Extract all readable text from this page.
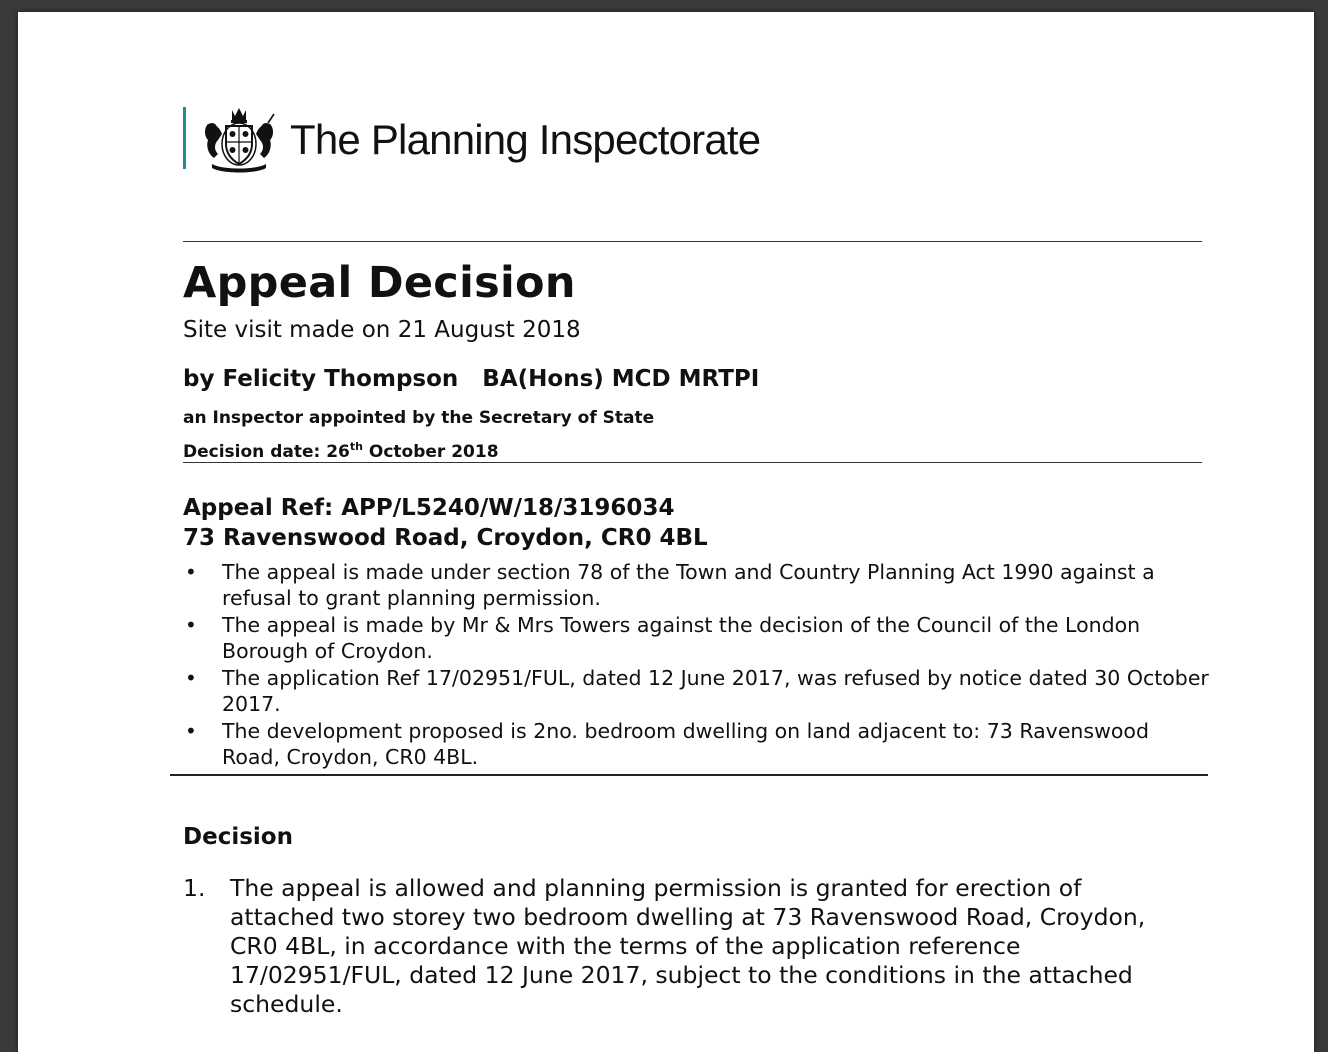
The Planning Inspectorate
Appeal Decision
Site visit made on 21 August 2018
by Felicity Thompson   BA(Hons) MCD MRTPI
an Inspector appointed by the Secretary of State
Decision date: 26th October 2018
Appeal Ref: APP/L5240/W/18/3196034
73 Ravenswood Road, Croydon, CR0 4BL
• The appeal is made under section 78 of the Town and Country Planning Act 1990 against a refusal to grant planning permission.
• The appeal is made by Mr & Mrs Towers against the decision of the Council of the London Borough of Croydon.
• The application Ref 17/02951/FUL, dated 12 June 2017, was refused by notice dated 30 October 2017.
• The development proposed is 2no. bedroom dwelling on land adjacent to: 73 Ravenswood Road, Croydon, CR0 4BL.
Decision
1. The appeal is allowed and planning permission is granted for erection of attached two storey two bedroom dwelling at 73 Ravenswood Road, Croydon, CR0 4BL, in accordance with the terms of the application reference 17/02951/FUL, dated 12 June 2017, subject to the conditions in the attached schedule.
